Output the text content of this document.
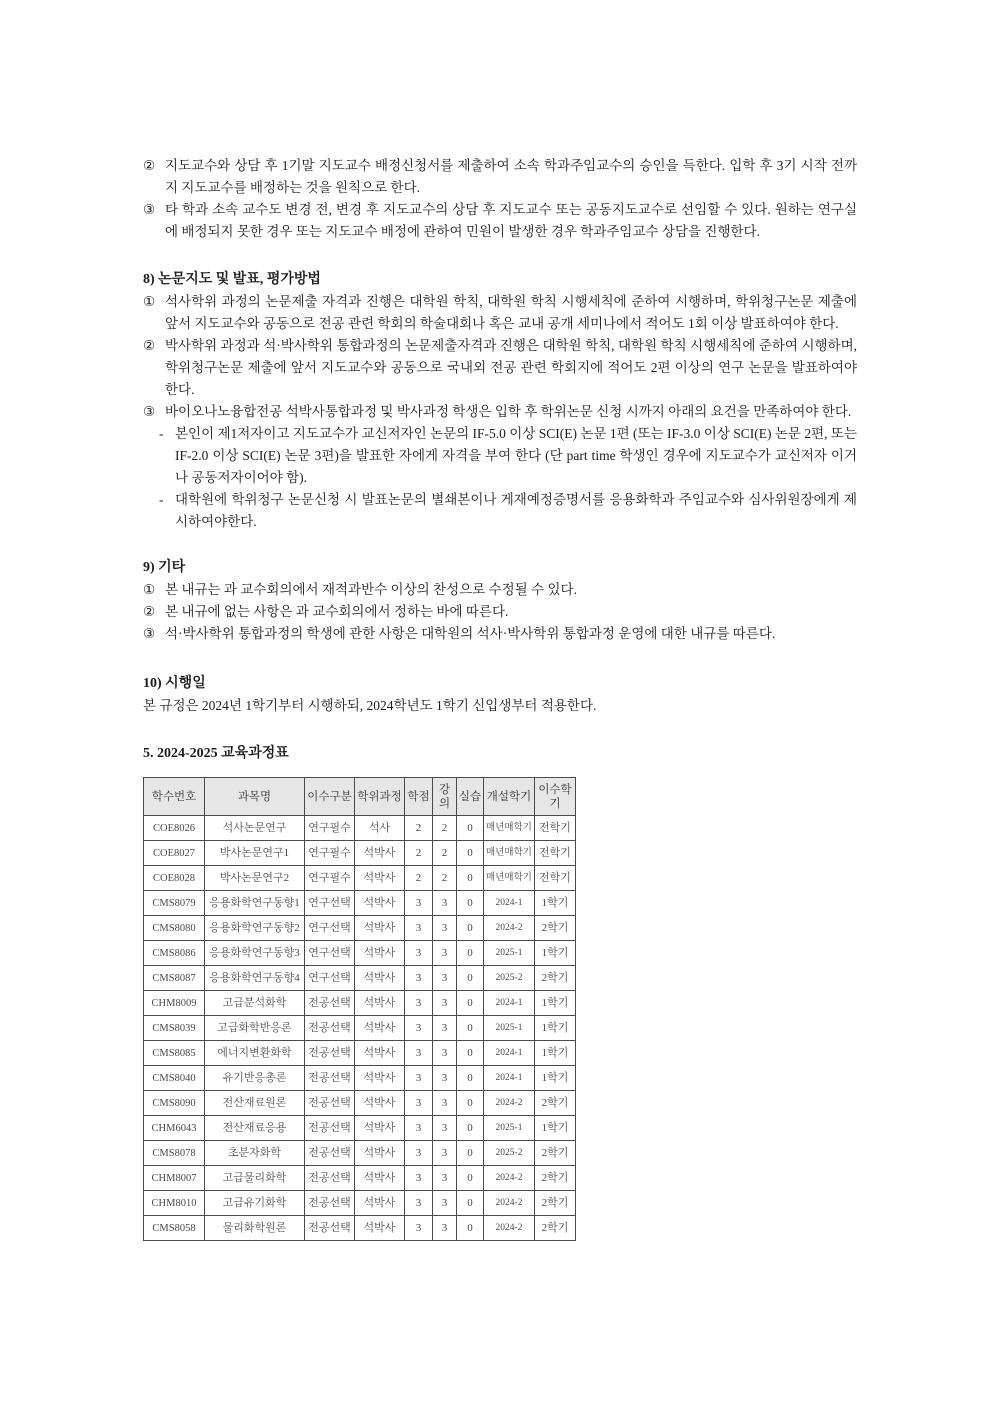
② 지도교수와 상담 후 1기말 지도교수 배정신청서를 제출하여 소속 학과주임교수의 승인을 득한다. 입학 후 3기 시작 전까지 지도교수를 배정하는 것을 원칙으로 한다.
③ 타 학과 소속 교수도 변경 전, 변경 후 지도교수의 상담 후 지도교수 또는 공동지도교수로 선임할 수 있다. 원하는 연구실에 배정되지 못한 경우 또는 지도교수 배정에 관하여 민원이 발생한 경우 학과주임교수 상담을 진행한다.
8) 논문지도 및 발표, 평가방법
① 석사학위 과정의 논문제출 자격과 진행은 대학원 학칙, 대학원 학칙 시행세칙에 준하여 시행하며, 학위청구논문 제출에 앞서 지도교수와 공동으로 전공 관련 학회의 학술대회나 혹은 교내 공개 세미나에서 적어도 1회 이상 발표하여야 한다.
② 박사학위 과정과 석·박사학위 통합과정의 논문제출자격과 진행은 대학원 학칙, 대학원 학칙 시행세칙에 준하여 시행하며, 학위청구논문 제출에 앞서 지도교수와 공동으로 국내외 전공 관련 학회지에 적어도 2편 이상의 연구 논문을 발표하여야 한다.
③ 바이오나노융합전공 석박사통합과정 및 박사과정 학생은 입학 후 학위논문 신청 시까지 아래의 요건을 만족하여야 한다.
- 본인이 제1저자이고 지도교수가 교신저자인 논문의 IF-5.0 이상 SCI(E) 논문 1편 (또는 IF-3.0 이상 SCI(E) 논문 2편, 또는 IF-2.0 이상 SCI(E) 논문 3편)을 발표한 자에게 자격을 부여 한다 (단 part time 학생인 경우에 지도교수가 교신저자 이거나 공동저자이어야 함).
- 대학원에 학위청구 논문신청 시 발표논문의 별쇄본이나 게재예정증명서를 응용화학과 주임교수와 심사위원장에게 제시하여야한다.
9) 기타
① 본 내규는 과 교수회의에서 재적과반수 이상의 찬성으로 수정될 수 있다.
② 본 내규에 없는 사항은 과 교수회의에서 정하는 바에 따른다.
③ 석·박사학위 통합과정의 학생에 관한 사항은 대학원의 석사·박사학위 통합과정 운영에 대한 내규를 따른다.
10) 시행일
본 규정은 2024년 1학기부터 시행하되, 2024학년도 1학기 신입생부터 적용한다.
5. 2024-2025 교육과정표
학수번호	과목명	이수구분	학위과정	학점	강의	실습	개설학기	이수학기
COE8026	석사논문연구	연구필수	석사	2	2	0	매년매학기	전학기
COE8027	박사논문연구1	연구필수	석박사	2	2	0	매년매학기	전학기
COE8028	박사논문연구2	연구필수	석박사	2	2	0	매년매학기	전학기
CMS8079	응용화학연구동향1	연구선택	석박사	3	3	0	2024-1	1학기
CMS8080	응용화학연구동향2	연구선택	석박사	3	3	0	2024-2	2학기
CMS8086	응용화학연구동향3	연구선택	석박사	3	3	0	2025-1	1학기
CMS8087	응용화학연구동향4	연구선택	석박사	3	3	0	2025-2	2학기
CHM8009	고급분석화학	전공선택	석박사	3	3	0	2024-1	1학기
CMS8039	고급화학반응론	전공선택	석박사	3	3	0	2025-1	1학기
CMS8085	에너지변환화학	전공선택	석박사	3	3	0	2024-1	1학기
CMS8040	유기반응총론	전공선택	석박사	3	3	0	2024-1	1학기
CMS8090	전산재료원론	전공선택	석박사	3	3	0	2024-2	2학기
CHM6043	전산재료응용	전공선택	석박사	3	3	0	2025-1	1학기
CMS8078	초분자화학	전공선택	석박사	3	3	0	2025-2	2학기
CHM8007	고급물리화학	전공선택	석박사	3	3	0	2024-2	2학기
CHM8010	고급유기화학	전공선택	석박사	3	3	0	2024-2	2학기
CMS8058	물리화학원론	전공선택	석박사	3	3	0	2024-2	2학기
